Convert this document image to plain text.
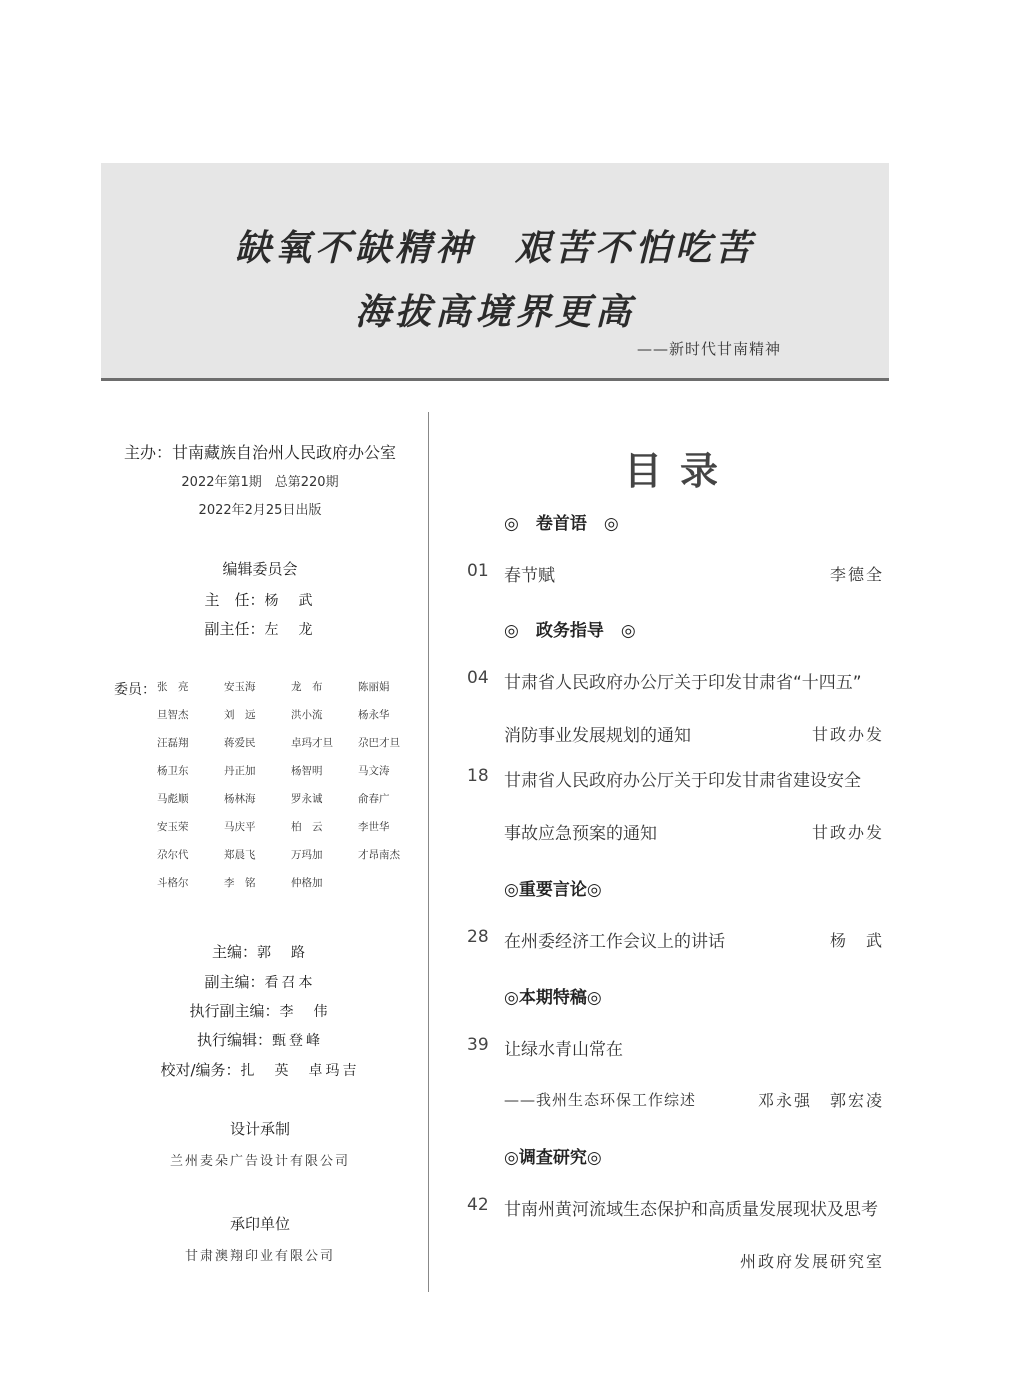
缺氧不缺精神　艰苦不怕吃苦
海拔高境界更高
——新时代甘南精神
主办：甘南藏族自治州人民政府办公室
2022年第1期　总第220期
2022年2月25日出版
编辑委员会
主　任：杨　武
副主任：左　龙
主编：郭　路
副主编：看召本
执行副主编：李　伟
执行编辑：甄登峰
校对/编务：扎　英　卓玛吉
设计承制
兰州麦朵广告设计有限公司
承印单位
甘肃澳翔印业有限公司
委员： 张　亮	安玉海	龙　布	陈丽娟
旦智杰	刘　远	洪小流	杨永华
汪磊翔	蒋爱民	卓玛才旦	尕巴才旦
杨卫东	丹正加	杨智明	马文涛
马彪顺	杨林海	罗永诚	俞春广
安玉荣	马庆平	柏　云	李世华
尕尔代	郑晨飞	万玛加	才昂南杰
斗格尔	李　铭	仲格加
目录
◎　卷首语　◎
01 春节赋	李德全
◎　政务指导　◎
04 甘肃省人民政府办公厅关于印发甘肃省“十四五”
消防事业发展规划的通知	甘政办发
18 甘肃省人民政府办公厅关于印发甘肃省建设安全
事故应急预案的通知	甘政办发
◎重要言论◎
28 在州委经济工作会议上的讲话	杨　武
◎本期特稿◎
39 让绿水青山常在
——我州生态环保工作综述	邓永强　郭宏凌
◎调查研究◎
42 甘南州黄河流域生态保护和高质量发展现状及思考
州政府发展研究室
